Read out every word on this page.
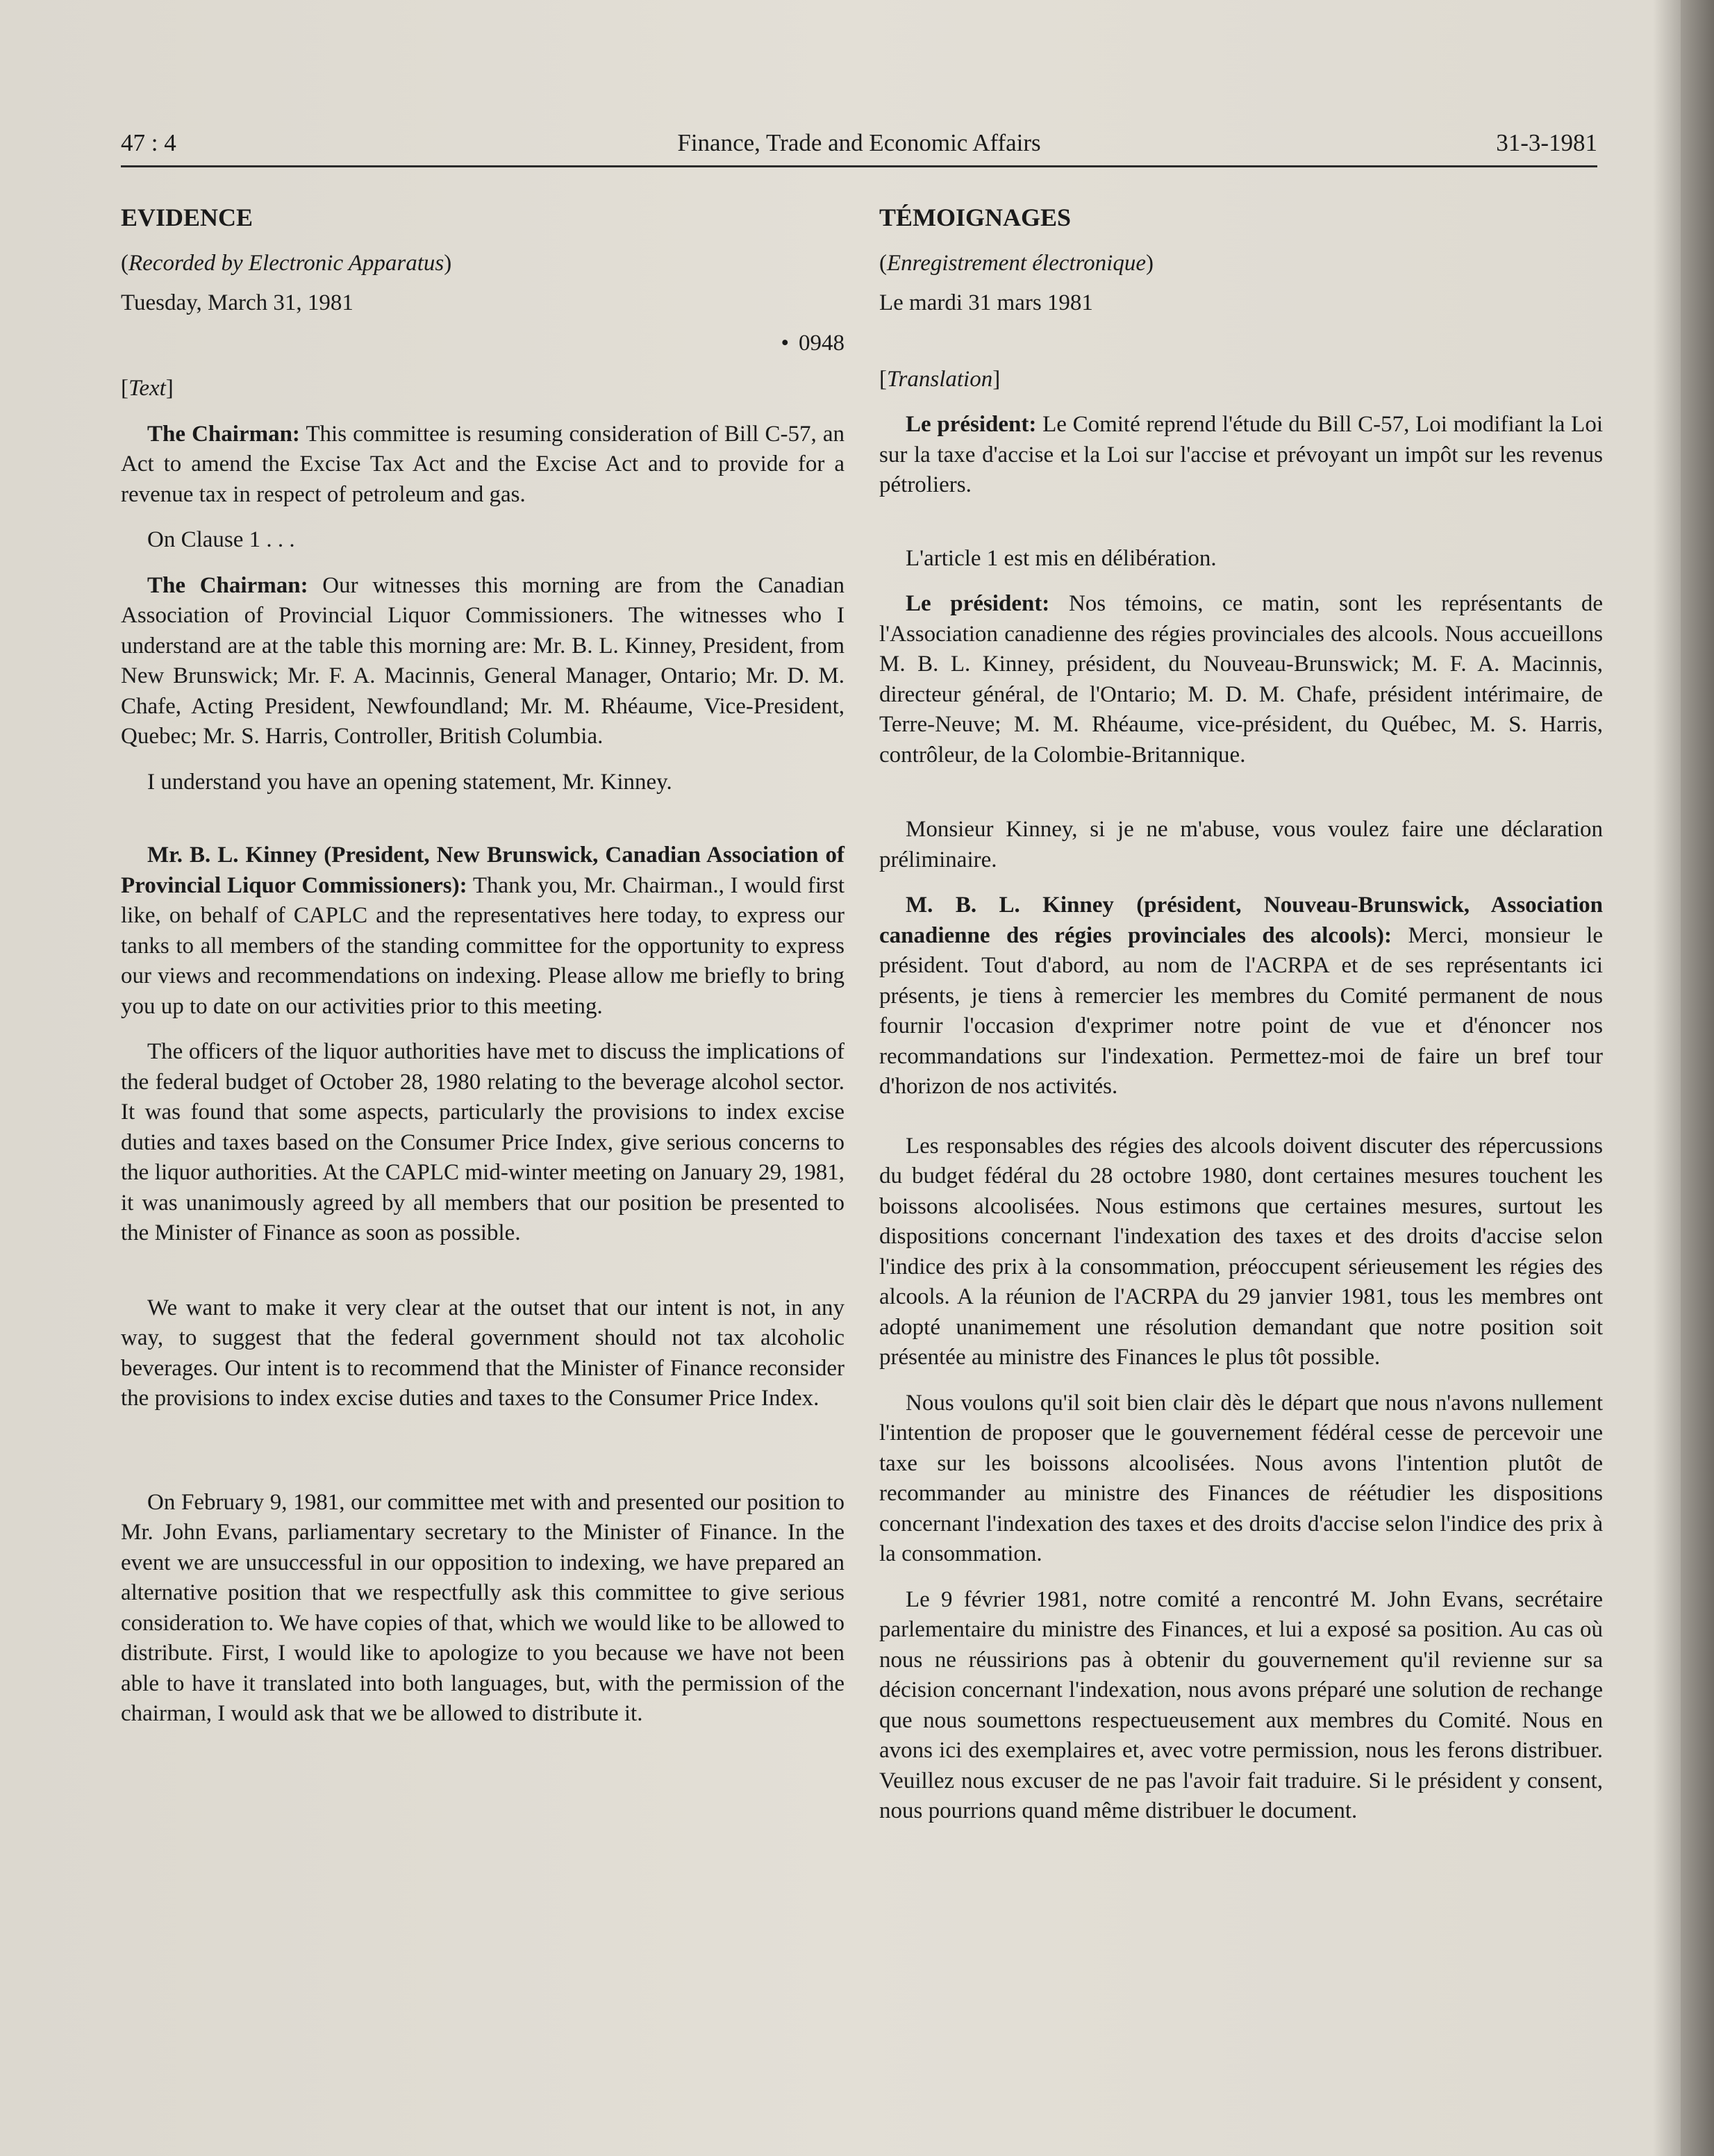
Finance, Trade and Economic Affairs
47 : 4	31-3-1981

EVIDENCE

(Recorded by Electronic Apparatus)

Tuesday, March 31, 1981

• 0948

[Text]

The Chairman: This committee is resuming consideration of Bill C-57, an Act to amend the Excise Tax Act and the Excise Act and to provide for a revenue tax in respect of petroleum and gas.

On Clause 1 . . .

The Chairman: Our witnesses this morning are from the Canadian Association of Provincial Liquor Commissioners. The witnesses who I understand are at the table this morning are: Mr. B. L. Kinney, President, from New Brunswick; Mr. F. A. Macinnis, General Manager, Ontario; Mr. D. M. Chafe, Acting President, Newfoundland; Mr. M. Rhéaume, Vice-President, Quebec; Mr. S. Harris, Controller, British Columbia.

I understand you have an opening statement, Mr. Kinney.

Mr. B. L. Kinney (President, New Brunswick, Canadian Association of Provincial Liquor Commissioners): Thank you, Mr. Chairman., I would first like, on behalf of CAPLC and the representatives here today, to express our tanks to all members of the standing committee for the opportunity to express our views and recommendations on indexing. Please allow me briefly to bring you up to date on our activities prior to this meeting.

The officers of the liquor authorities have met to discuss the implications of the federal budget of October 28, 1980 relating to the beverage alcohol sector. It was found that some aspects, particularly the provisions to index excise duties and taxes based on the Consumer Price Index, give serious concerns to the liquor authorities. At the CAPLC mid-winter meeting on January 29, 1981, it was unanimously agreed by all members that our position be presented to the Minister of Finance as soon as possible.

We want to make it very clear at the outset that our intent is not, in any way, to suggest that the federal government should not tax alcoholic beverages. Our intent is to recommend that the Minister of Finance reconsider the provisions to index excise duties and taxes to the Consumer Price Index.

On February 9, 1981, our committee met with and presented our position to Mr. John Evans, parliamentary secretary to the Minister of Finance. In the event we are unsuccessful in our opposition to indexing, we have prepared an alternative position that we respectfully ask this committee to give serious consideration to. We have copies of that, which we would like to be allowed to distribute. First, I would like to apologize to you because we have not been able to have it translated into both languages, but, with the permission of the chairman, I would ask that we be allowed to distribute it.

TÉMOIGNAGES

(Enregistrement électronique)

Le mardi 31 mars 1981

[Translation]

Le président: Le Comité reprend l'étude du Bill C-57, Loi modifiant la Loi sur la taxe d'accise et la Loi sur l'accise et prévoyant un impôt sur les revenus pétroliers.

L'article 1 est mis en délibération.

Le président: Nos témoins, ce matin, sont les représentants de l'Association canadienne des régies provinciales des alcools. Nous accueillons M. B. L. Kinney, président, du Nouveau-Brunswick; M. F. A. Macinnis, directeur général, de l'Ontario; M. D. M. Chafe, président intérimaire, de Terre-Neuve; M. M. Rhéaume, vice-président, du Québec, M. S. Harris, contrôleur, de la Colombie-Britannique.

Monsieur Kinney, si je ne m'abuse, vous voulez faire une déclaration préliminaire.

M. B. L. Kinney (président, Nouveau-Brunswick, Association canadienne des régies provinciales des alcools): Merci, monsieur le président. Tout d'abord, au nom de l'ACRPA et de ses représentants ici présents, je tiens à remercier les membres du Comité permanent de nous fournir l'occasion d'exprimer notre point de vue et d'énoncer nos recommandations sur l'indexation. Permettez-moi de faire un bref tour d'horizon de nos activités.

Les responsables des régies des alcools doivent discuter des répercussions du budget fédéral du 28 octobre 1980, dont certaines mesures touchent les boissons alcoolisées. Nous estimons que certaines mesures, surtout les dispositions concernant l'indexation des taxes et des droits d'accise selon l'indice des prix à la consommation, préoccupent sérieusement les régies des alcools. A la réunion de l'ACRPA du 29 janvier 1981, tous les membres ont adopté unanimement une résolution demandant que notre position soit présentée au ministre des Finances le plus tôt possible.

Nous voulons qu'il soit bien clair dès le départ que nous n'avons nullement l'intention de proposer que le gouvernement fédéral cesse de percevoir une taxe sur les boissons alcoolisées. Nous avons l'intention plutôt de recommander au ministre des Finances de réétudier les dispositions concernant l'indexation des taxes et des droits d'accise selon l'indice des prix à la consommation.

Le 9 février 1981, notre comité a rencontré M. John Evans, secrétaire parlementaire du ministre des Finances, et lui a exposé sa position. Au cas où nous ne réussirions pas à obtenir du gouvernement qu'il revienne sur sa décision concernant l'indexation, nous avons préparé une solution de rechange que nous soumettons respectueusement aux membres du Comité. Nous en avons ici des exemplaires et, avec votre permission, nous les ferons distribuer. Veuillez nous excuser de ne pas l'avoir fait traduire. Si le président y consent, nous pourrions quand même distribuer le document.
